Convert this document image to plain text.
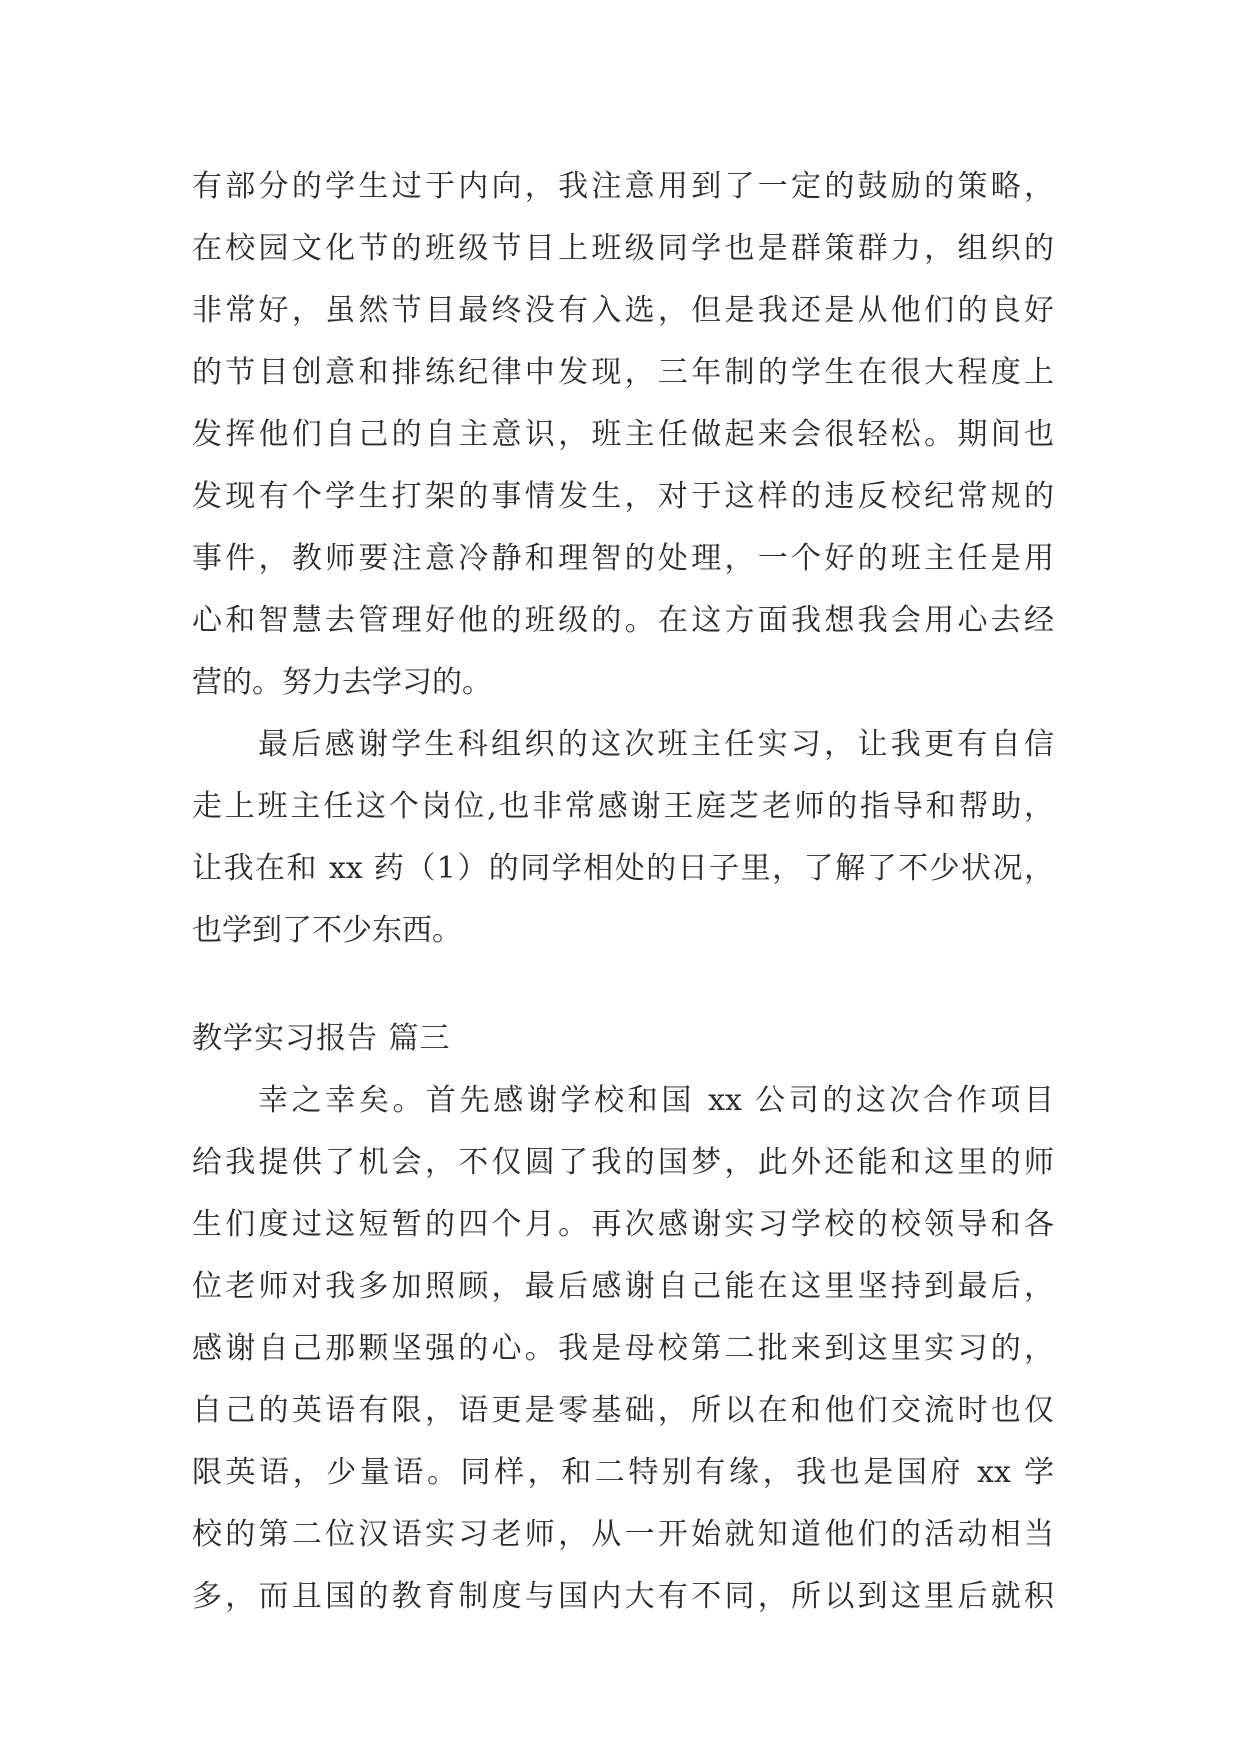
有部分的学生过于内向，我注意用到了一定的鼓励的策略，
在校园文化节的班级节目上班级同学也是群策群力，组织的
非常好，虽然节目最终没有入选，但是我还是从他们的良好
的节目创意和排练纪律中发现，三年制的学生在很大程度上
发挥他们自己的自主意识，班主任做起来会很轻松。期间也
发现有个学生打架的事情发生，对于这样的违反校纪常规的
事件，教师要注意冷静和理智的处理，一个好的班主任是用
心和智慧去管理好他的班级的。在这方面我想我会用心去经
营的。努力去学习的。
最后感谢学生科组织的这次班主任实习，让我更有自信
走上班主任这个岗位,也非常感谢王庭芝老师的指导和帮助，
让我在和 xx 药（1）的同学相处的日子里，了解了不少状况，
也学到了不少东西。
教学实习报告 篇三
幸之幸矣。首先感谢学校和国 xx 公司的这次合作项目
给我提供了机会，不仅圆了我的国梦，此外还能和这里的师
生们度过这短暂的四个月。再次感谢实习学校的校领导和各
位老师对我多加照顾，最后感谢自己能在这里坚持到最后，
感谢自己那颗坚强的心。我是母校第二批来到这里实习的，
自己的英语有限，语更是零基础，所以在和他们交流时也仅
限英语，少量语。同样，和二特别有缘，我也是国府 xx 学
校的第二位汉语实习老师，从一开始就知道他们的活动相当
多，而且国的教育制度与国内大有不同，所以到这里后就积
